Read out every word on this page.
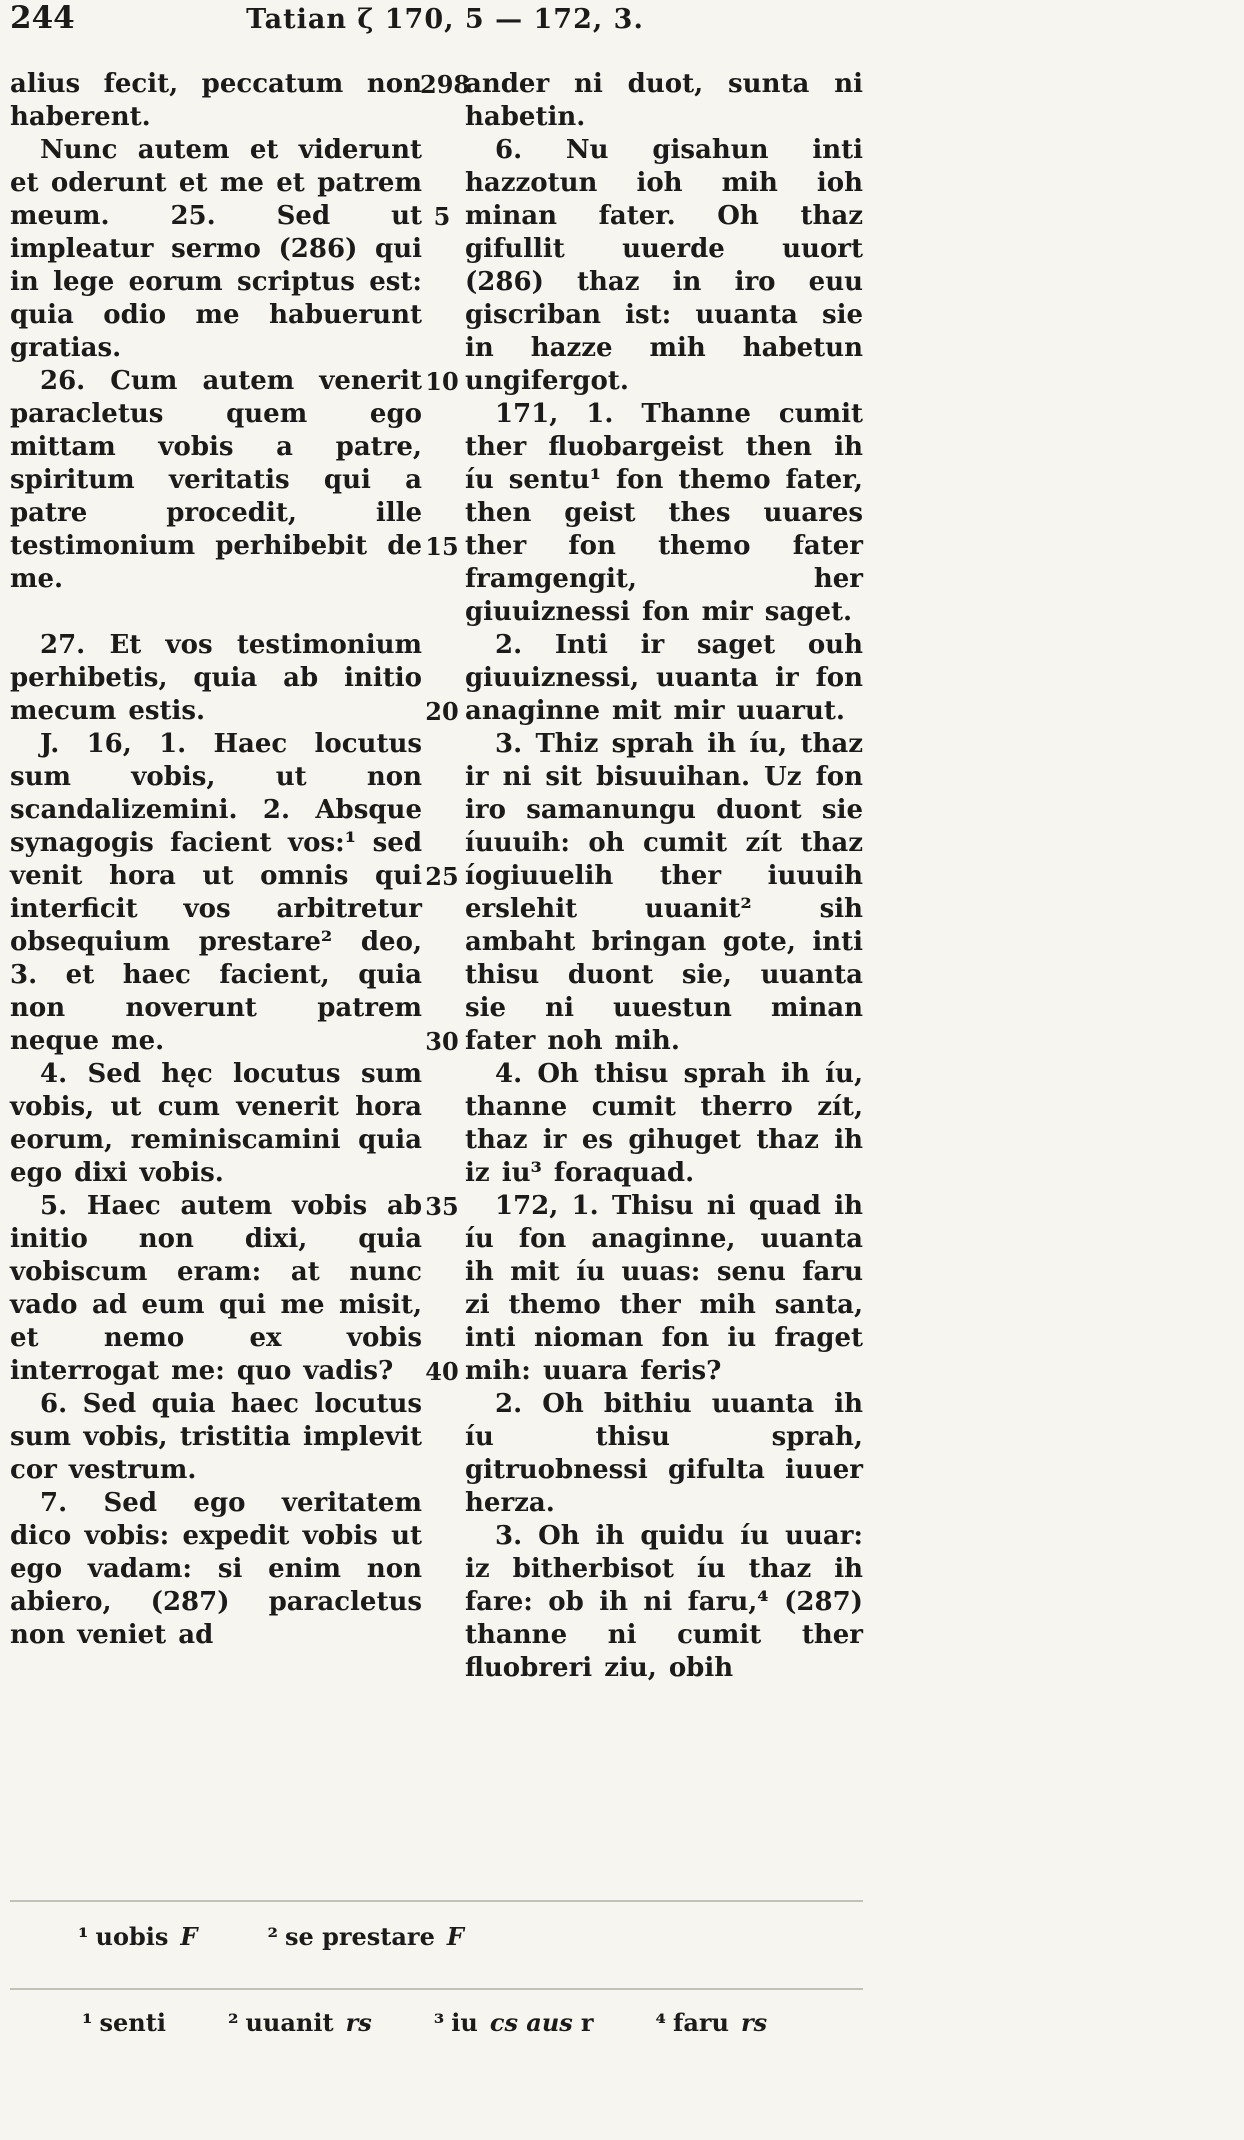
244	Tatian ζ 170, 5 — 172, 3.

alius fecit, peccatum non haberent.

Nunc autem et viderunt et oderunt et me et patrem meum. 25. Sed ut impleatur sermo (286) qui in lege eorum scriptus est: quia odio me habuerunt gratias.

26. Cum autem venerit paracletus quem ego mittam vobis a patre, spiritum veritatis qui a patre procedit, ille testimonium perhibebit de me.

27. Et vos testimonium perhibetis, quia ab initio mecum estis.

J. 16, 1. Haec locutus sum vobis, ut non scandalizemini. 2. Absque synagogis facient vos:¹ sed venit hora ut omnis qui interficit vos arbitretur obsequium prestare² deo, 3. et haec facient, quia non noverunt patrem neque me.

4. Sed hęc locutus sum vobis, ut cum venerit hora eorum, reminiscamini quia ego dixi vobis.

5. Haec autem vobis ab initio non dixi, quia vobiscum eram: at nunc vado ad eum qui me misit, et nemo ex vobis interrogat me: quo vadis?

6. Sed quia haec locutus sum vobis, tristitia implevit cor vestrum.

7. Sed ego veritatem dico vobis: expedit vobis ut ego vadam: si enim non abiero, (287) paracletus non veniet ad

ander ni duot, sunta ni habetin.

6. Nu gisahun inti hazzotun ioh mih ioh minan fater. Oh thaz gifullit uuerde uuort (286) thaz in iro euu giscriban ist: uuanta sie in hazze mih habetun ungifergot.

171, 1. Thanne cumit ther fluobargeist then ih íu sentu¹ fon themo fater, then geist thes uuares ther fon themo fater framgengit, her giuuiznessi fon mir saget.

2. Inti ir saget ouh giuuiznessi, uuanta ir fon anaginne mit mir uuarut.

3. Thiz sprah ih íu, thaz ir ni sit bisuuihan. Uz fon iro samanungu duont sie íuuuih: oh cumit zít thaz íogiuuelih ther iuuuih erslehit uuanit² sih ambaht bringan gote, inti thisu duont sie, uuanta sie ni uuestun minan fater noh mih.

4. Oh thisu sprah ih íu, thanne cumit therro zít, thaz ir es gihuget thaz ih iz iu³ foraquad.

172, 1. Thisu ni quad ih íu fon anaginne, uuanta ih mit íu uuas: senu faru zi themo ther mih santa, inti nioman fon iu fraget mih: uuara feris?

2. Oh bithiu uuanta ih íu thisu sprah, gitruobnessi gifulta iuuer herza.

3. Oh ih quidu íu uuar: iz bitherbisot íu thaz ih fare: ob ih ni faru,⁴ (287) thanne ni cumit ther fluobreri ziu, obih

298
5
10
15
20
25
30
35
40
¹ uobis F	² se prestare F
¹ senti	² uuanit rs	³ iu cs aus r	⁴ faru rs
